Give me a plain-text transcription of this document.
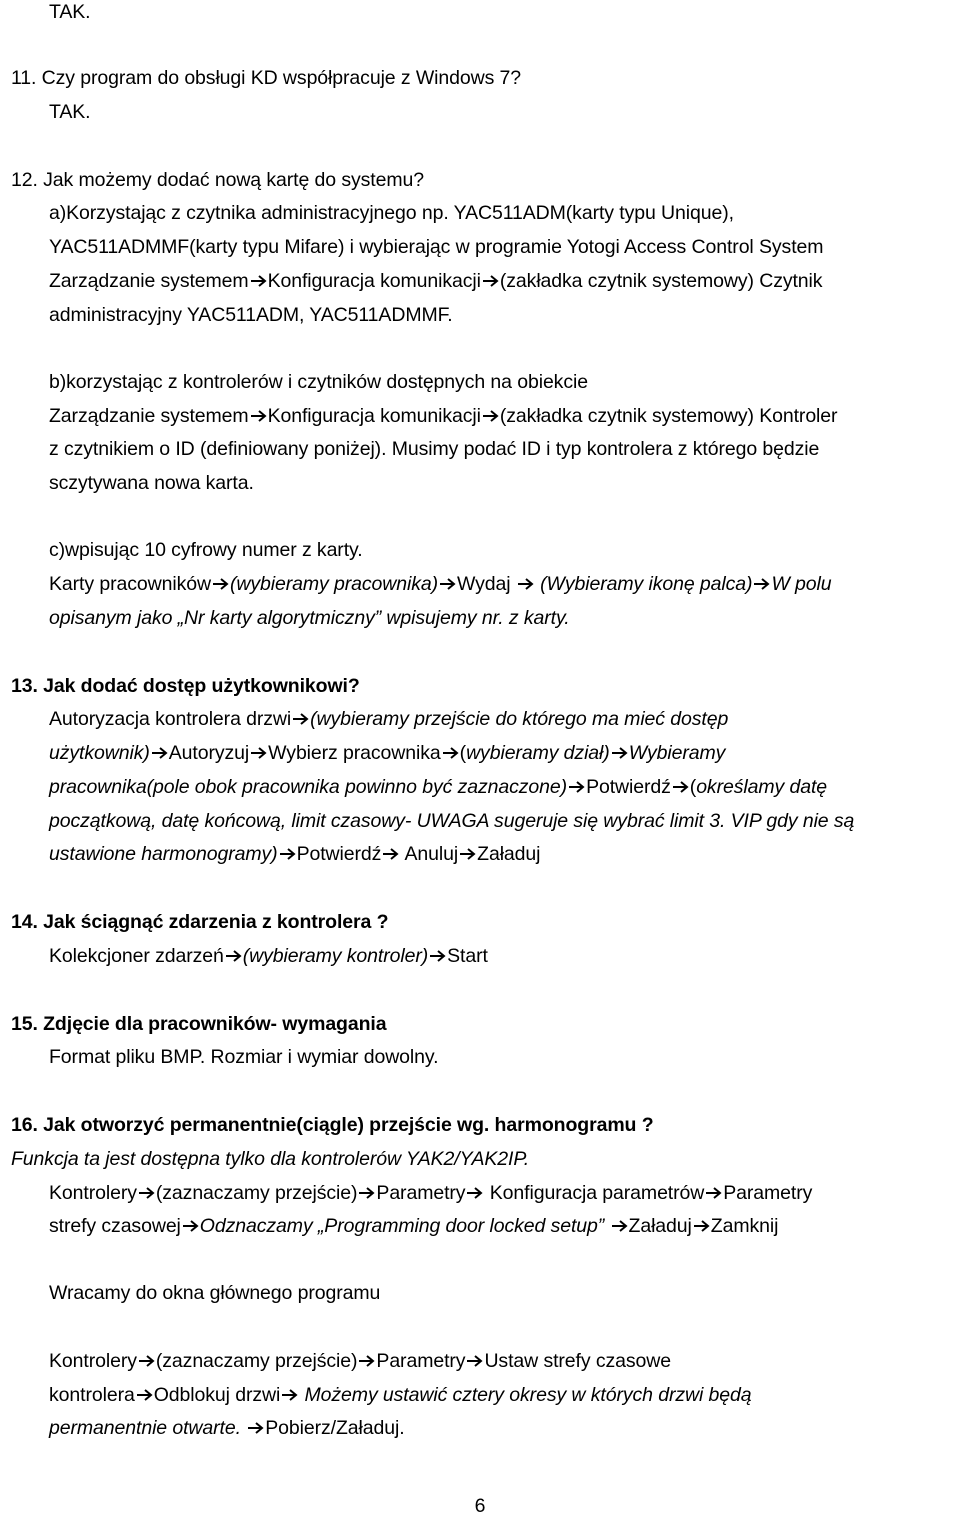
TAK.
11. Czy program do obsługi KD współpracuje z Windows 7?
TAK.
12. Jak możemy dodać nową kartę do systemu?
a)Korzystając z czytnika administracyjnego np. YAC511ADM(karty typu Unique),
YAC511ADMMF(karty typu Mifare) i wybierając w programie Yotogi Access Control System
Zarządzanie systemem Konfiguracja komunikacji (zakładka czytnik systemowy) Czytnik
administracyjny YAC511ADM, YAC511ADMMF.
b)korzystając z kontrolerów i czytników dostępnych na obiekcie
Zarządzanie systemem Konfiguracja komunikacji (zakładka czytnik systemowy) Kontroler
z czytnikiem o ID (definiowany poniżej). Musimy podać ID i typ kontrolera z którego będzie
sczytywana nowa karta.
c)wpisując 10 cyfrowy numer z karty.
Karty pracowników (wybieramy pracownika) Wydaj (Wybieramy ikonę palca) W polu
opisanym jako „Nr karty algorytmiczny” wpisujemy nr. z karty.
13. Jak dodać dostęp użytkownikowi?
Autoryzacja kontrolera drzwi (wybieramy przejście do którego ma mieć dostęp
użytkownik) Autoryzuj Wybierz pracownika (wybieramy dział) Wybieramy
pracownika(pole obok pracownika powinno być zaznaczone) Potwierdź (określamy datę
początkową, datę końcową, limit czasowy- UWAGA sugeruje się wybrać limit 3. VIP gdy nie są
ustawione harmonogramy) Potwierdź
Anuluj Załaduj
14. Jak ściągnąć zdarzenia z kontrolera ?
Kolekcjoner zdarzeń (wybieramy kontroler) Start
15. Zdjęcie dla pracowników- wymagania
Format pliku BMP. Rozmiar i wymiar dowolny.
16. Jak otworzyć permanentnie(ciągle) przejście wg. harmonogramu ?
Funkcja ta jest dostępna tylko dla kontrolerów YAK2/YAK2IP.
Kontrolery (zaznaczamy przejście) Parametry
Konfiguracja parametrów Parametry
strefy czasowej Odznaczamy „Programming door locked setup”
Załaduj Zamknij
Wracamy do okna głównego programu
Kontrolery (zaznaczamy przejście) Parametry Ustaw strefy czasowe
kontrolera Odblokuj drzwi
Możemy ustawić cztery okresy w których drzwi będą
permanentnie otwarte.
Pobierz/Załaduj.
6
